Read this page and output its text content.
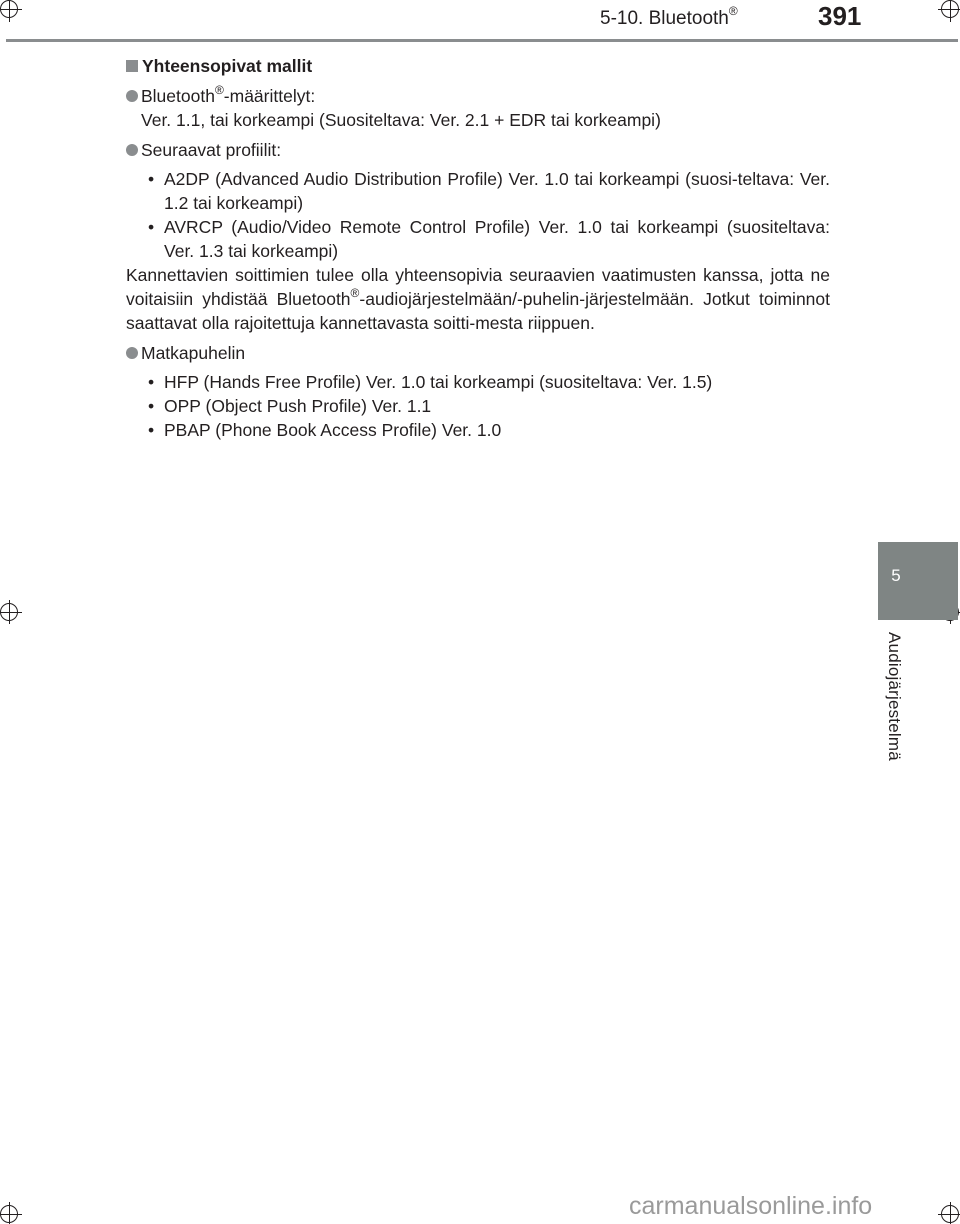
5-10. Bluetooth®	391
5
Audiojärjestelmä
Yhteensopivat mallit
Bluetooth®-määrittelyt:
Ver. 1.1, tai korkeampi (Suositeltava: Ver. 2.1 + EDR tai korkeampi)
Seuraavat profiilit:
• A2DP (Advanced Audio Distribution Profile) Ver. 1.0 tai korkeampi (suosi-teltava: Ver. 1.2 tai korkeampi)
• AVRCP (Audio/Video Remote Control Profile) Ver. 1.0 tai korkeampi (suositeltava: Ver. 1.3 tai korkeampi)

Kannettavien soittimien tulee olla yhteensopivia seuraavien vaatimusten kanssa, jotta ne voitaisiin yhdistää Bluetooth®-audiojärjestelmään/-puhelin-järjestelmään. Jotkut toiminnot saattavat olla rajoitettuja kannettavasta soitti-mesta riippuen.

Matkapuhelin
• HFP (Hands Free Profile) Ver. 1.0 tai korkeampi (suositeltava: Ver. 1.5)
• OPP (Object Push Profile) Ver. 1.1
• PBAP (Phone Book Access Profile) Ver. 1.0
carmanualsonline.info
